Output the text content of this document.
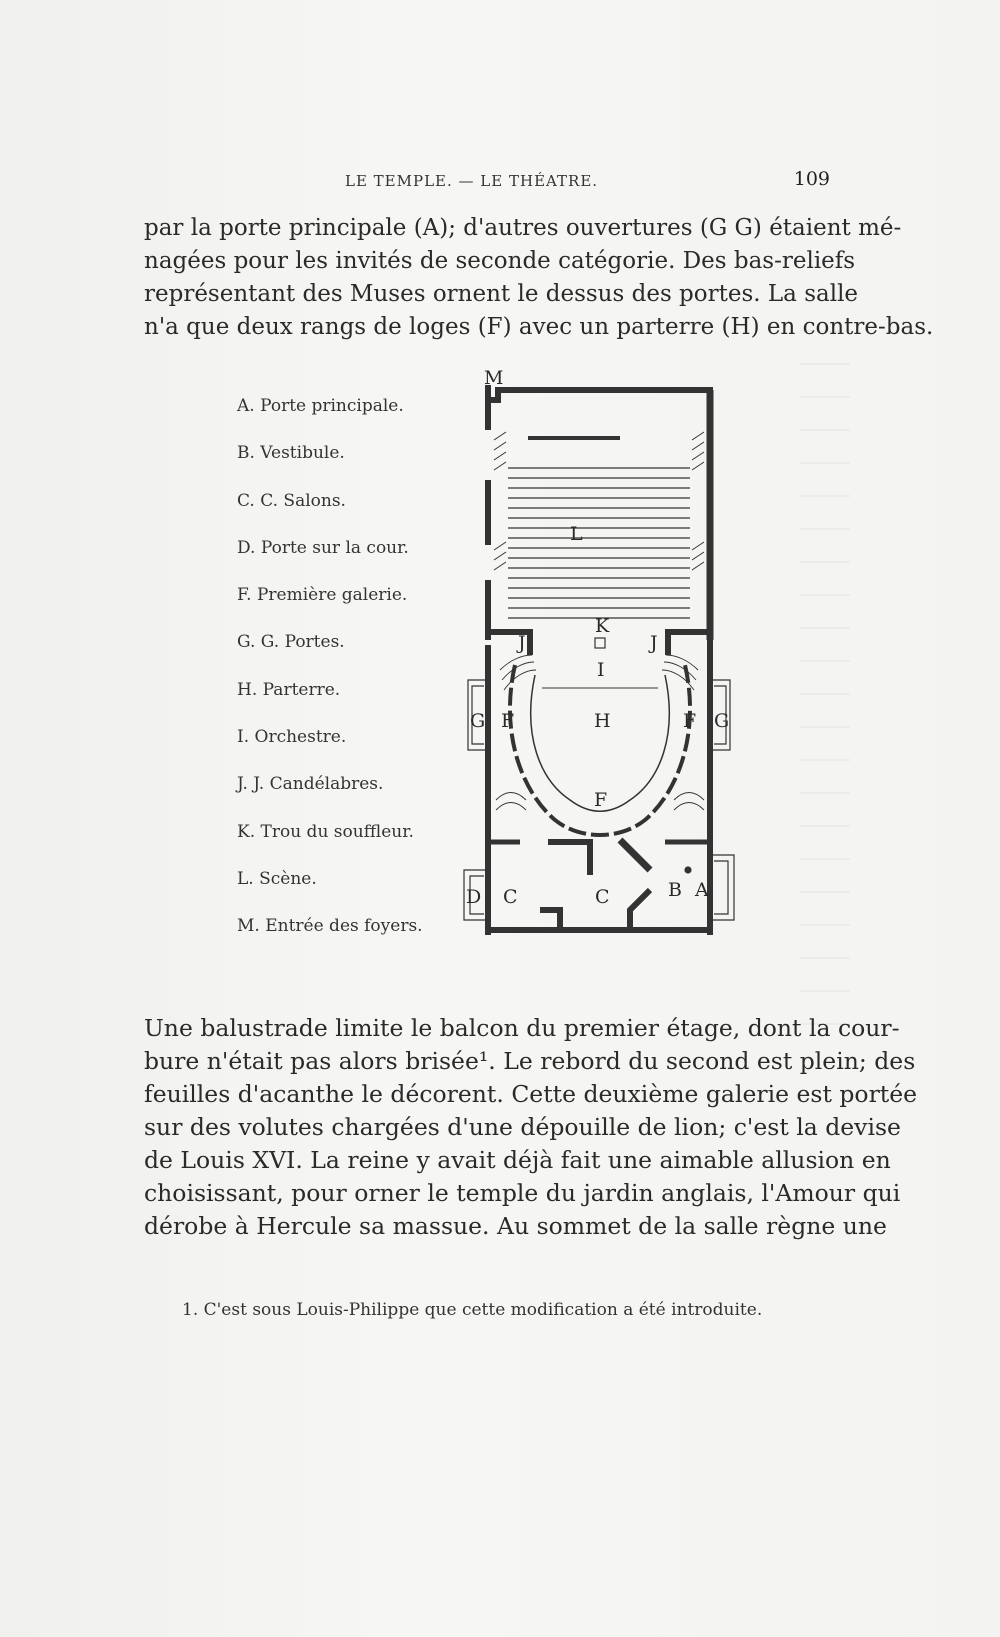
LE TEMPLE. — LE THÉATRE.	109

par la porte principale (A); d'autres ouvertures (G G) étaient mé-
nagées pour les invités de seconde catégorie. Des bas-reliefs
représentant des Muses ornent le dessus des portes. La salle
n'a que deux rangs de loges (F) avec un parterre (H) en contre-bas.

A. Porte principale.
B. Vestibule.
C. C. Salons.
D. Porte sur la cour.
F. Première galerie.
G. G. Portes.
H. Parterre.
I. Orchestre.
J. J. Candélabres.
K. Trou du souffleur.
L. Scène.
M. Entrée des foyers.
M
L
K
I
J	J
H
G	G
F	F
F
D C	C	B A

Une balustrade limite le balcon du premier étage, dont la cour-
bure n'était pas alors brisée¹. Le rebord du second est plein; des
feuilles d'acanthe le décorent. Cette deuxième galerie est portée
sur des volutes chargées d'une dépouille de lion; c'est la devise
de Louis XVI. La reine y avait déjà fait une aimable allusion en
choisissant, pour orner le temple du jardin anglais, l'Amour qui
dérobe à Hercule sa massue. Au sommet de la salle règne une

1. C'est sous Louis-Philippe que cette modification a été introduite.
